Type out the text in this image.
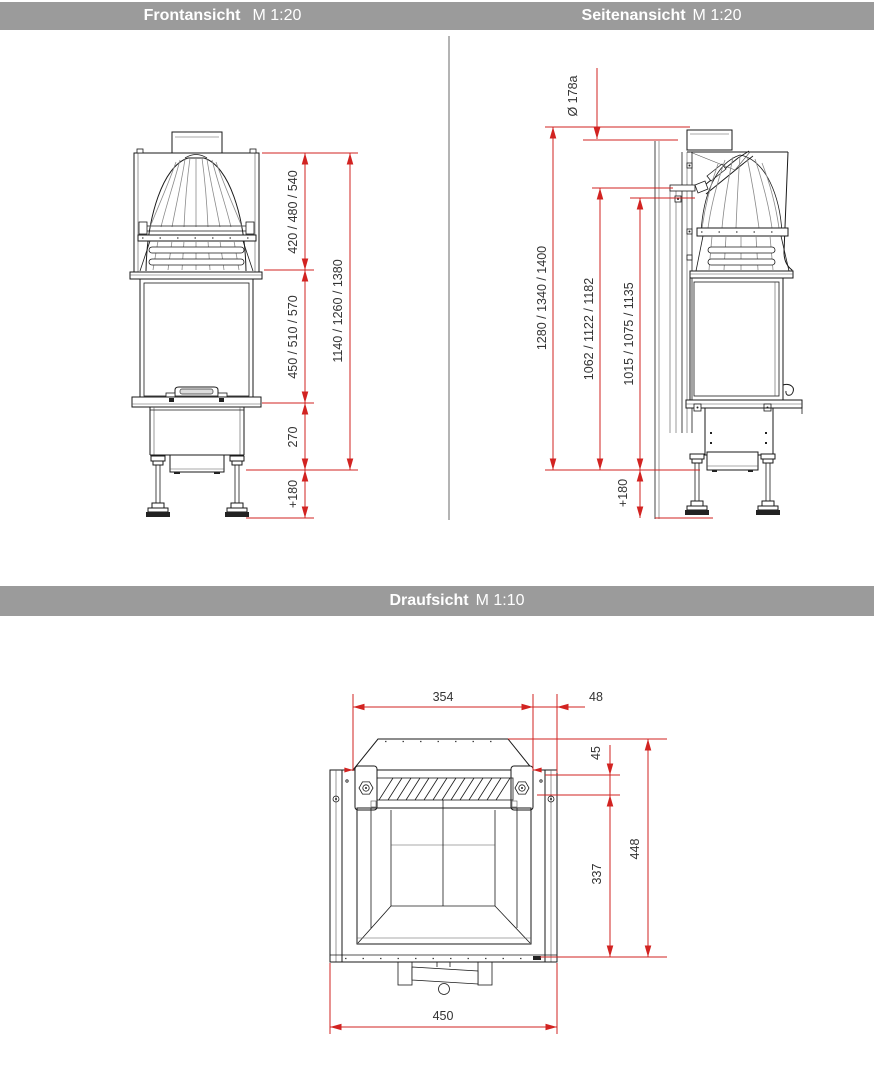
Frontansicht M 1:20	Seitenansicht M 1:20
Draufsicht M 1:10
420 / 480 / 540
450 / 510 / 570
270
+180
1140 / 1260 / 1380
Ø 178a
1280 / 1340 / 1400	1062 / 1122 / 1182 1015 / 1075 / 1135
+180
354	48
45
337
448
450
